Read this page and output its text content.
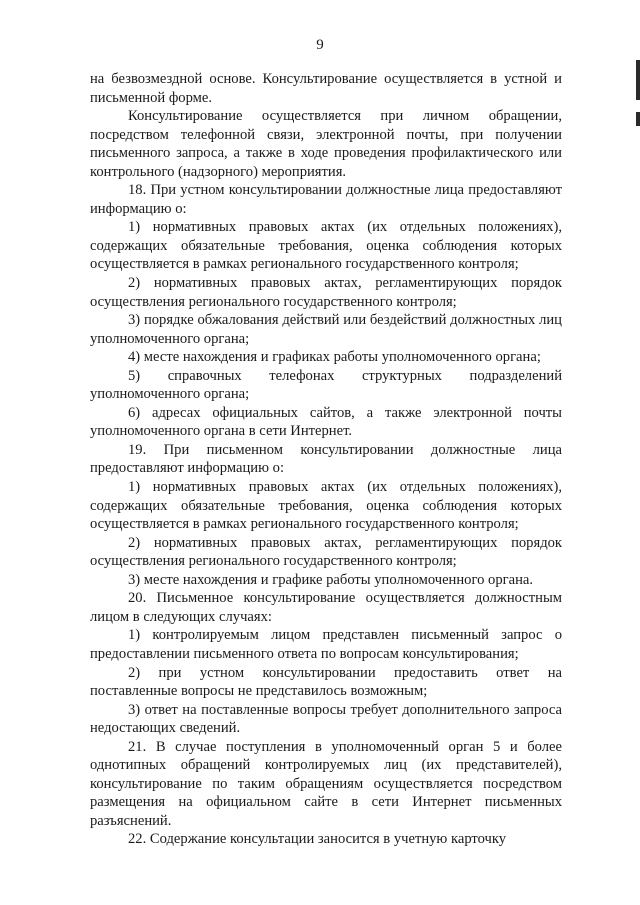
9

на безвозмездной основе. Консультирование осуществляется в устной и письменной форме.

Консультирование осуществляется при личном обращении, посредством телефонной связи, электронной почты, при получении письменного запроса, а также в ходе проведения профилактического или контрольного (надзорного) мероприятия.

18. При устном консультировании должностные лица предоставляют информацию о:

1) нормативных правовых актах (их отдельных положениях), содержащих обязательные требования, оценка соблюдения которых осуществляется в рамках регионального государственного контроля;

2) нормативных правовых актах, регламентирующих порядок осуществления регионального государственного контроля;

3) порядке обжалования действий или бездействий должностных лиц уполномоченного органа;

4) месте нахождения и графиках работы уполномоченного органа;

5) справочных телефонах структурных подразделений уполномоченного органа;

6) адресах официальных сайтов, а также электронной почты уполномоченного органа в сети Интернет.

19. При письменном консультировании должностные лица предоставляют информацию о:

1) нормативных правовых актах (их отдельных положениях), содержащих обязательные требования, оценка соблюдения которых осуществляется в рамках регионального государственного контроля;

2) нормативных правовых актах, регламентирующих порядок осуществления регионального государственного контроля;

3) месте нахождения и графике работы уполномоченного органа.

20. Письменное консультирование осуществляется должностным лицом в следующих случаях:

1) контролируемым лицом представлен письменный запрос о предоставлении письменного ответа по вопросам консультирования;

2) при устном консультировании предоставить ответ на поставленные вопросы не представилось возможным;

3) ответ на поставленные вопросы требует дополнительного запроса недостающих сведений.

21. В случае поступления в уполномоченный орган 5 и более однотипных обращений контролируемых лиц (их представителей), консультирование по таким обращениям осуществляется посредством размещения на официальном сайте в сети Интернет письменных разъяснений.

22. Содержание консультации заносится в учетную карточку
